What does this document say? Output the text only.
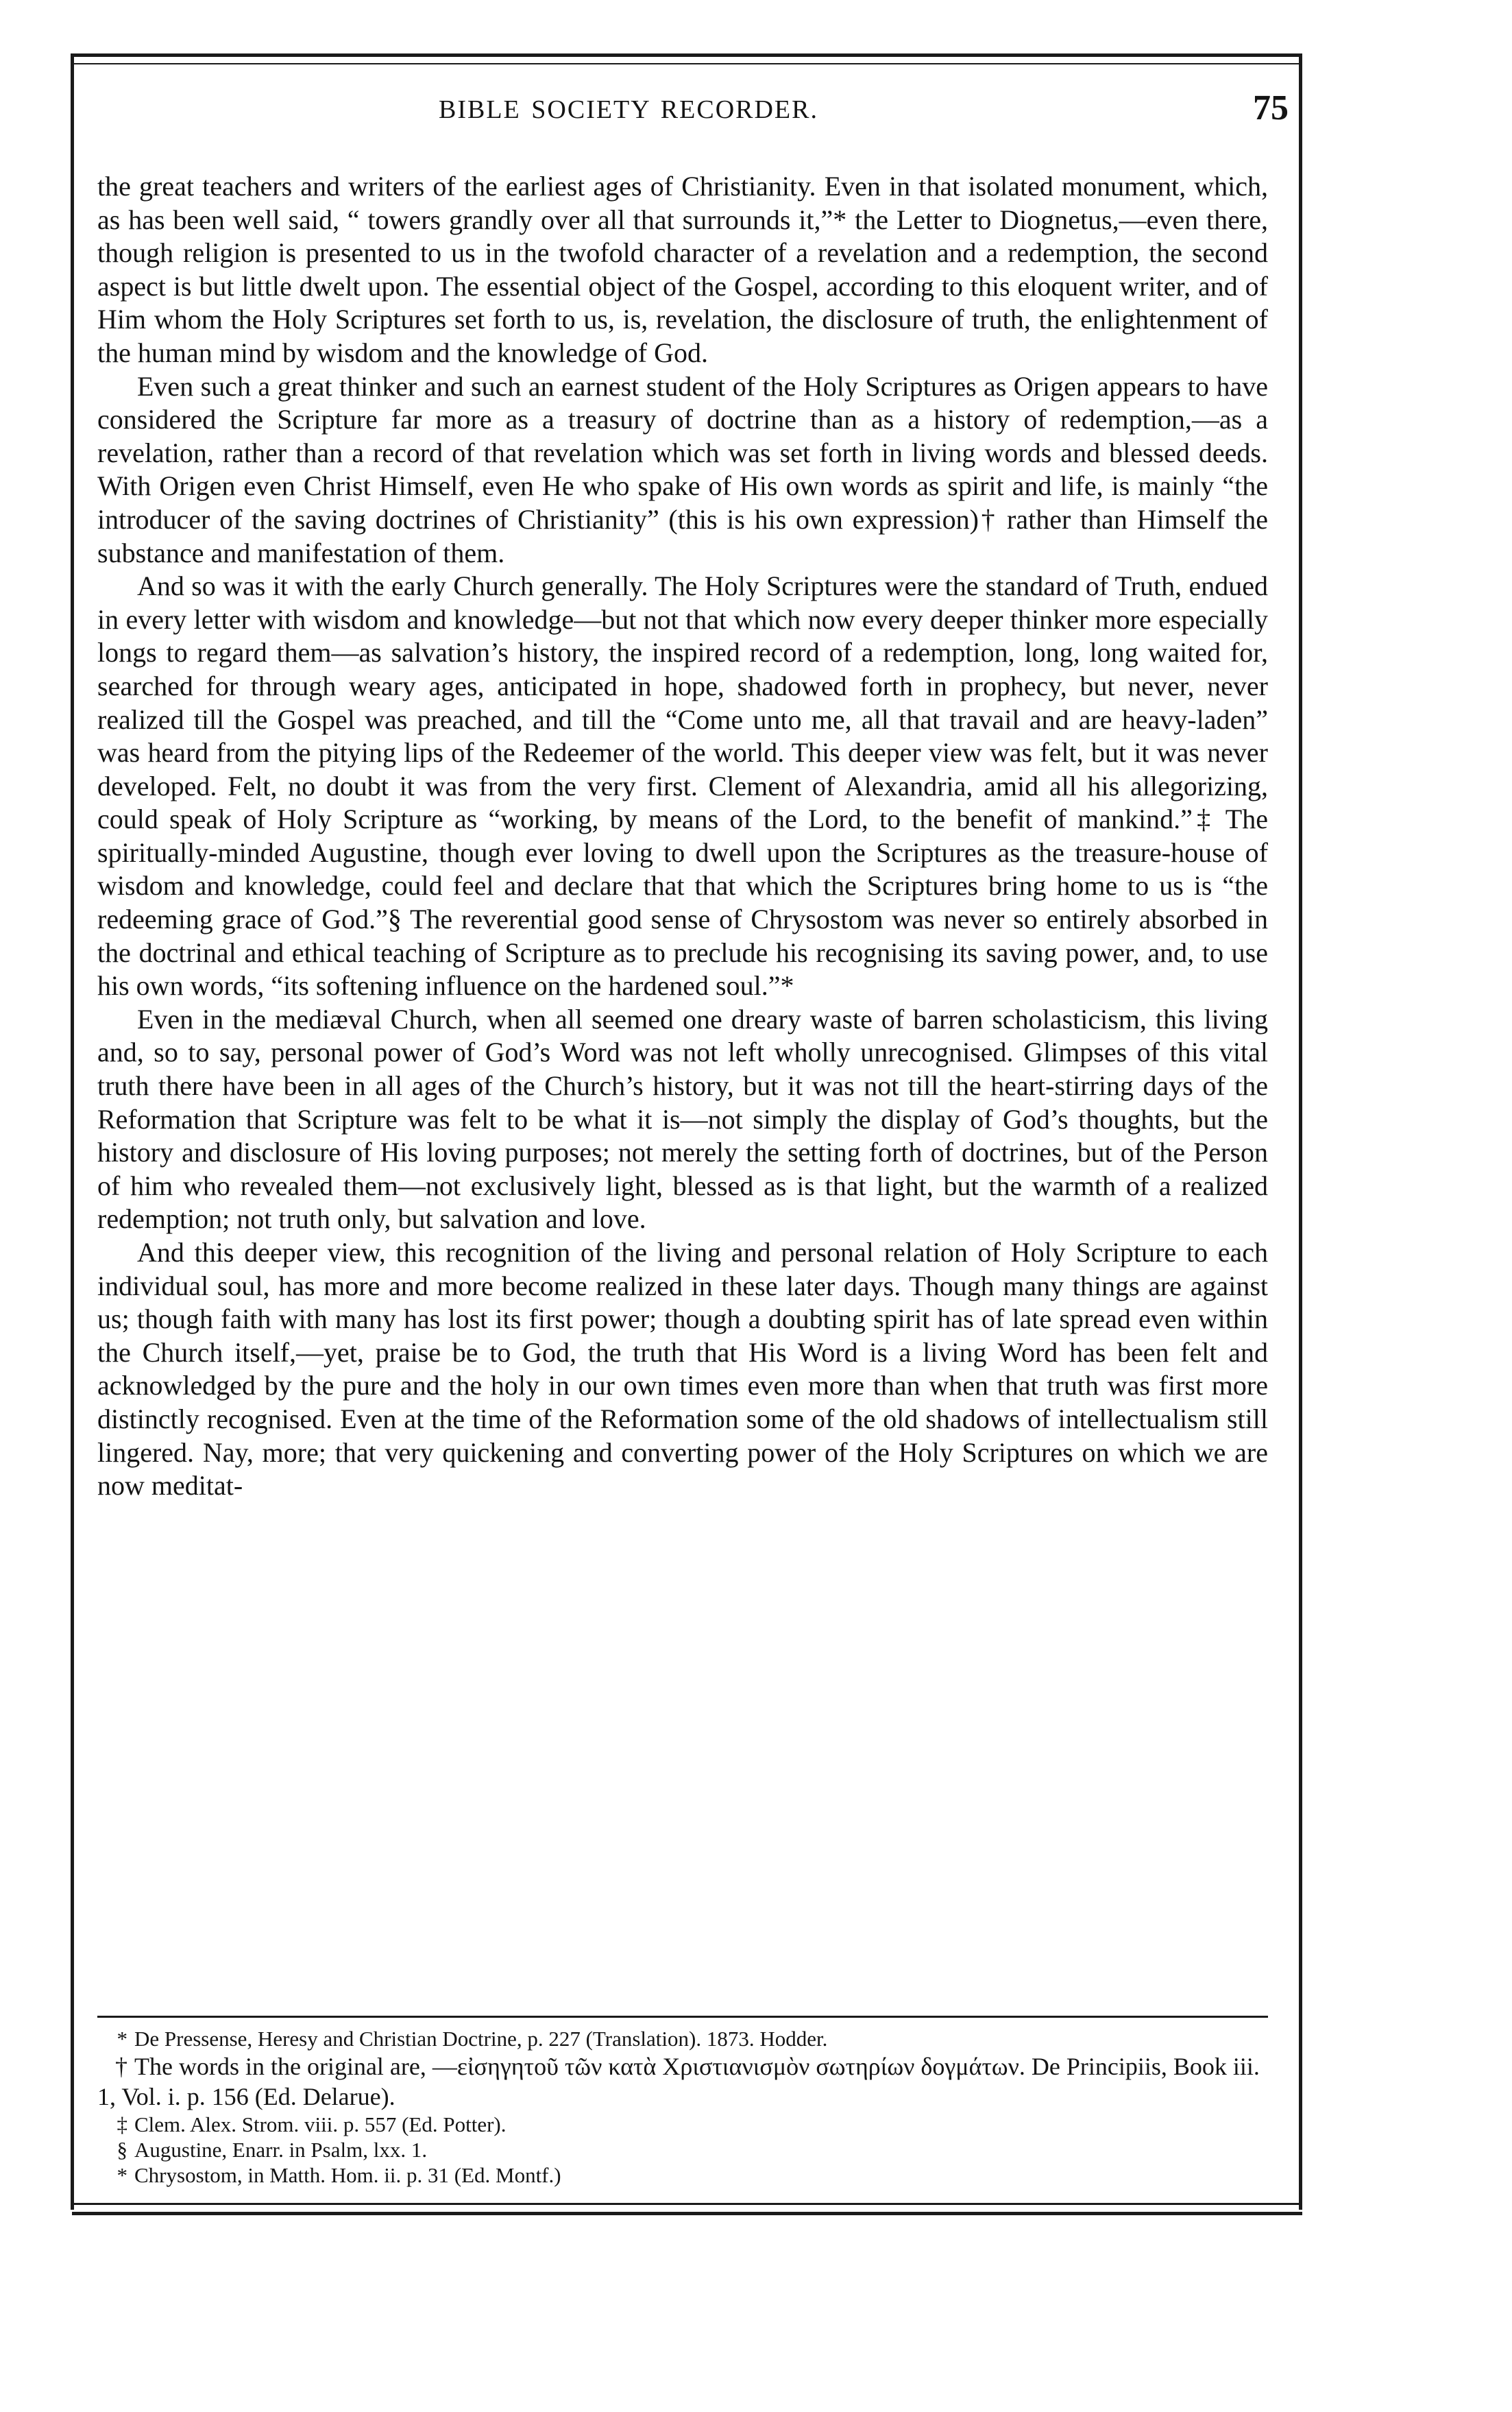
BIBLE SOCIETY RECORDER.	75

the great teachers and writers of the earliest ages of Christianity. Even in that isolated monument, which, as has been well said, “ towers grandly over all that surrounds it,”* the Letter to Diognetus,—even there, though religion is presented to us in the twofold character of a revelation and a redemption, the second aspect is but little dwelt upon. The essential object of the Gospel, according to this eloquent writer, and of Him whom the Holy Scriptures set forth to us, is, revelation, the disclosure of truth, the enlightenment of the human mind by wisdom and the knowledge of God.

Even such a great thinker and such an earnest student of the Holy Scriptures as Origen appears to have considered the Scripture far more as a treasury of doctrine than as a history of redemption,—as a revelation, rather than a record of that revelation which was set forth in living words and blessed deeds. With Origen even Christ Himself, even He who spake of His own words as spirit and life, is mainly “the introducer of the saving doctrines of Christianity” (this is his own expression)† rather than Himself the substance and manifestation of them.

And so was it with the early Church generally. The Holy Scriptures were the standard of Truth, endued in every letter with wisdom and knowledge—but not that which now every deeper thinker more especially longs to regard them—as salvation’s history, the inspired record of a redemption, long, long waited for, searched for through weary ages, anticipated in hope, shadowed forth in prophecy, but never, never realized till the Gospel was preached, and till the “Come unto me, all that travail and are heavy-laden” was heard from the pitying lips of the Redeemer of the world. This deeper view was felt, but it was never developed. Felt, no doubt it was from the very first. Clement of Alexandria, amid all his allegorizing, could speak of Holy Scripture as “working, by means of the Lord, to the benefit of mankind.”‡ The spiritually-minded Augustine, though ever loving to dwell upon the Scriptures as the treasure-house of wisdom and knowledge, could feel and declare that that which the Scriptures bring home to us is “the redeeming grace of God.”§ The reverential good sense of Chrysostom was never so entirely absorbed in the doctrinal and ethical teaching of Scripture as to preclude his recognising its saving power, and, to use his own words, “its softening influence on the hardened soul.”*

Even in the mediæval Church, when all seemed one dreary waste of barren scholasticism, this living and, so to say, personal power of God’s Word was not left wholly unrecognised. Glimpses of this vital truth there have been in all ages of the Church’s history, but it was not till the heart-stirring days of the Reformation that Scripture was felt to be what it is—not simply the display of God’s thoughts, but the history and disclosure of His loving purposes; not merely the setting forth of doctrines, but of the Person of him who revealed them—not exclusively light, blessed as is that light, but the warmth of a realized redemption; not truth only, but salvation and love.

And this deeper view, this recognition of the living and personal relation of Holy Scripture to each individual soul, has more and more become realized in these later days. Though many things are against us; though faith with many has lost its first power; though a doubting spirit has of late spread even within the Church itself,—yet, praise be to God, the truth that His Word is a living Word has been felt and acknowledged by the pure and the holy in our own times even more than when that truth was first more distinctly recognised. Even at the time of the Reformation some of the old shadows of intellectualism still lingered. Nay, more; that very quickening and converting power of the Holy Scriptures on which we are now meditat-

* De Pressense, Heresy and Christian Doctrine, p. 227 (Translation). 1873. Hodder.

† The words in the original are, —εἰσηγητοῦ τῶν κατὰ Χριστιανισμὸν σωτηρίων δογμάτων. De Principiis, Book iii. 1, Vol. i. p. 156 (Ed. Delarue).

‡ Clem. Alex. Strom. viii. p. 557 (Ed. Potter).

§ Augustine, Enarr. in Psalm, lxx. 1.

* Chrysostom, in Matth. Hom. ii. p. 31 (Ed. Montf.)
